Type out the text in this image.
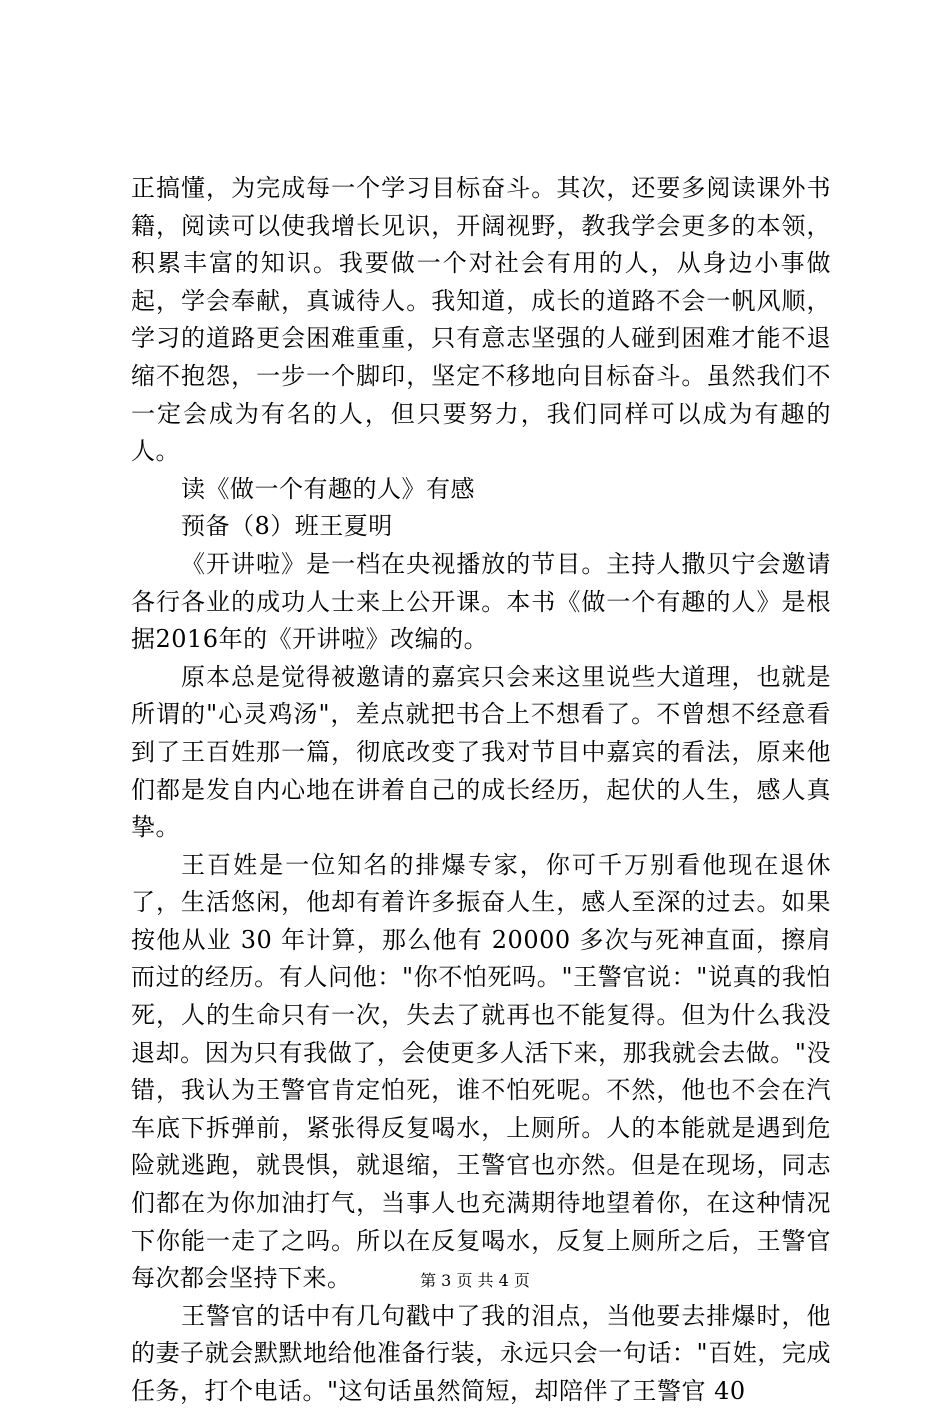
正搞懂，为完成每一个学习目标奋斗。其次，还要多阅读课外书籍，阅读可以使我增长见识，开阔视野，教我学会更多的本领，积累丰富的知识。我要做一个对社会有用的人，从身边小事做起，学会奉献，真诚待人。我知道，成长的道路不会一帆风顺，学习的道路更会困难重重，只有意志坚强的人碰到困难才能不退缩不抱怨，一步一个脚印，坚定不移地向目标奋斗。虽然我们不一定会成为有名的人，但只要努力，我们同样可以成为有趣的人。

读《做一个有趣的人》有感

预备（8）班王夏明

《开讲啦》是一档在央视播放的节目。主持人撒贝宁会邀请各行各业的成功人士来上公开课。本书《做一个有趣的人》是根据2016年的《开讲啦》改编的。

原本总是觉得被邀请的嘉宾只会来这里说些大道理，也就是所谓的"心灵鸡汤"，差点就把书合上不想看了。不曾想不经意看到了王百姓那一篇，彻底改变了我对节目中嘉宾的看法，原来他们都是发自内心地在讲着自己的成长经历，起伏的人生，感人真挚。

王百姓是一位知名的排爆专家，你可千万别看他现在退休了，生活悠闲，他却有着许多振奋人生，感人至深的过去。如果按他从业 30 年计算，那么他有 20000 多次与死神直面，擦肩而过的经历。有人问他："你不怕死吗。"王警官说："说真的我怕死，人的生命只有一次，失去了就再也不能复得。但为什么我没退却。因为只有我做了，会使更多人活下来，那我就会去做。"没错，我认为王警官肯定怕死，谁不怕死呢。不然，他也不会在汽车底下拆弹前，紧张得反复喝水，上厕所。人的本能就是遇到危险就逃跑，就畏惧，就退缩，王警官也亦然。但是在现场，同志们都在为你加油打气，当事人也充满期待地望着你，在这种情况下你能一走了之吗。所以在反复喝水，反复上厕所之后，王警官每次都会坚持下来。

王警官的话中有几句戳中了我的泪点，当他要去排爆时，他的妻子就会默默地给他准备行装，永远只会一句话："百姓，完成任务，打个电话。"这句话虽然简短，却陪伴了王警官 40

第 3 页 共 4 页
